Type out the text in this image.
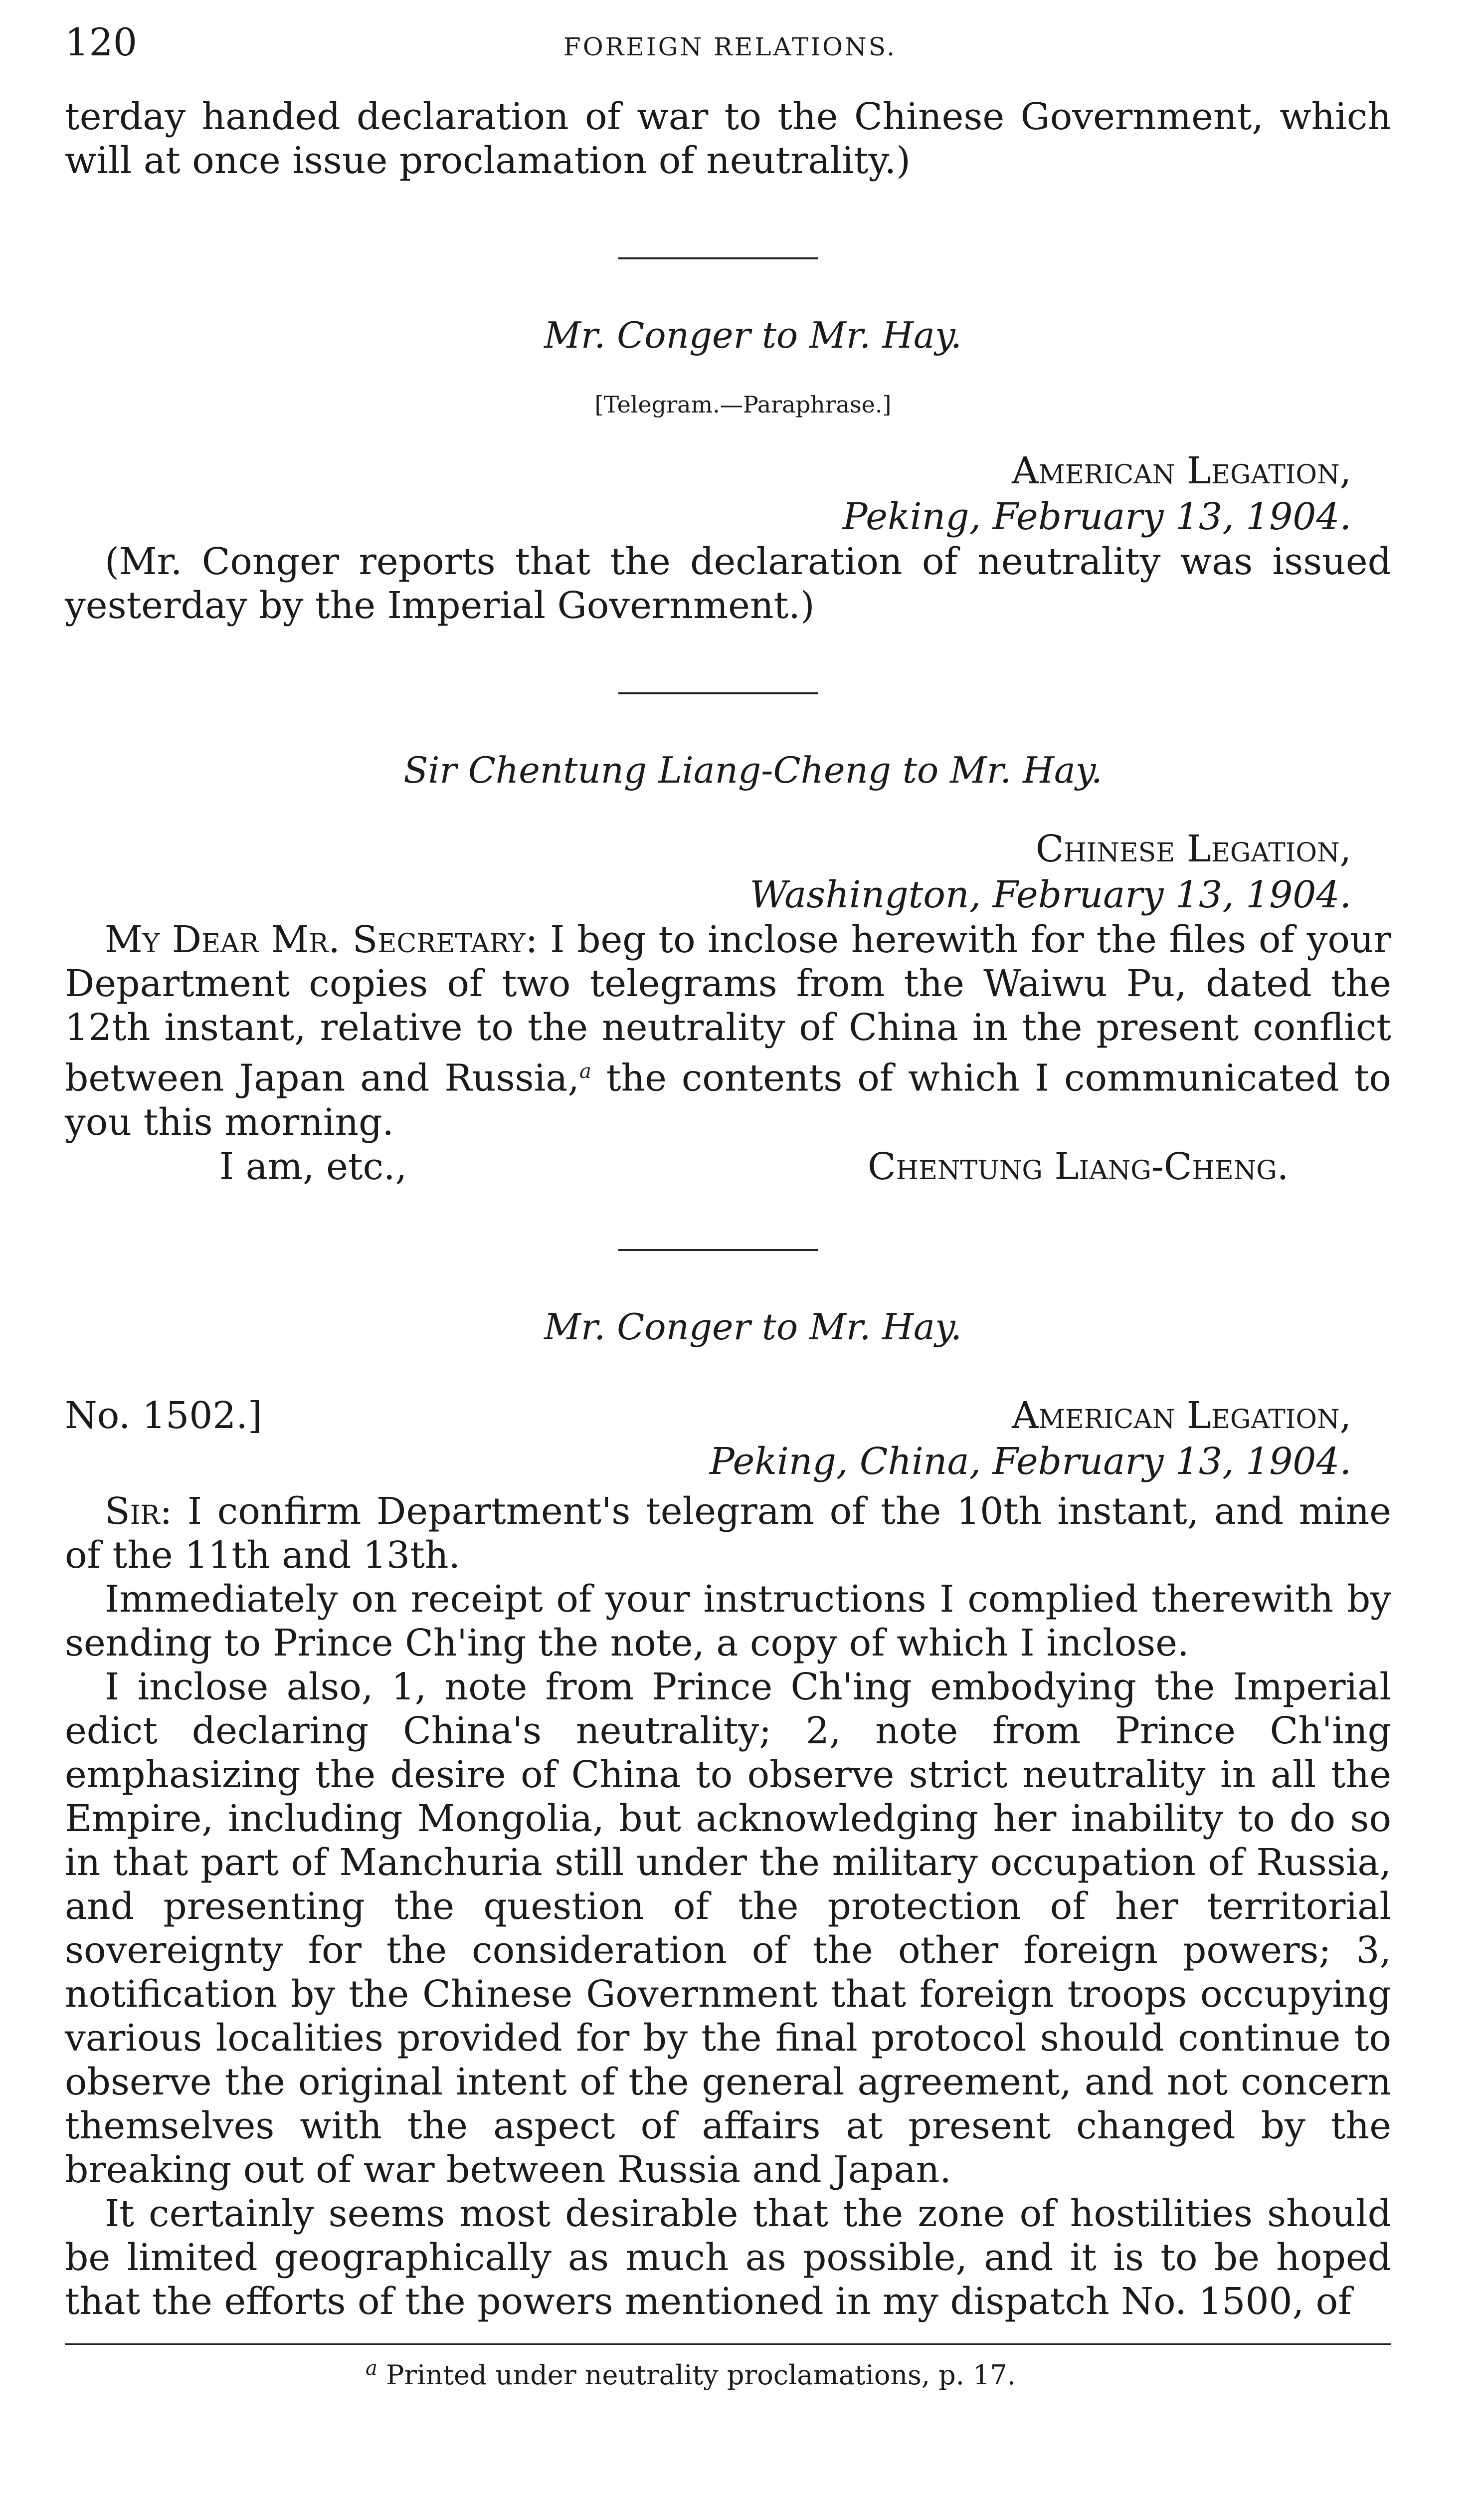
120	FOREIGN RELATIONS.

terday handed declaration of war to the Chinese Government, which will at once issue proclamation of neutrality.)

Mr. Conger to Mr. Hay.

[Telegram.—Paraphrase.]

American Legation,
Peking, February 13, 1904.

(Mr. Conger reports that the declaration of neutrality was issued yesterday by the Imperial Government.)

Sir Chentung Liang-Cheng to Mr. Hay.

Chinese Legation,
Washington, February 13, 1904.

My Dear Mr. Secretary: I beg to inclose herewith for the files of your Department copies of two telegrams from the Waiwu Pu, dated the 12th instant, relative to the neutrality of China in the present conflict between Japan and Russia,$^a$ the contents of which I communicated to you this morning.

I am, etc.,	Chentung Liang-Cheng.

Mr. Conger to Mr. Hay.

No. 1502.]	American Legation,
Peking, China, February 13, 1904.

Sir: I confirm Department's telegram of the 10th instant, and mine of the 11th and 13th.

Immediately on receipt of your instructions I complied therewith by sending to Prince Ch'ing the note, a copy of which I inclose.

I inclose also, 1, note from Prince Ch'ing embodying the Imperial edict declaring China's neutrality; 2, note from Prince Ch'ing emphasizing the desire of China to observe strict neutrality in all the Empire, including Mongolia, but acknowledging her inability to do so in that part of Manchuria still under the military occupation of Russia, and presenting the question of the protection of her territorial sovereignty for the consideration of the other foreign powers; 3, notification by the Chinese Government that foreign troops occupying various localities provided for by the final protocol should continue to observe the original intent of the general agreement, and not concern themselves with the aspect of affairs at present changed by the breaking out of war between Russia and Japan.

It certainly seems most desirable that the zone of hostilities should be limited geographically as much as possible, and it is to be hoped that the efforts of the powers mentioned in my dispatch No. 1500, of

$^a$ Printed under neutrality proclamations, p. 17.
